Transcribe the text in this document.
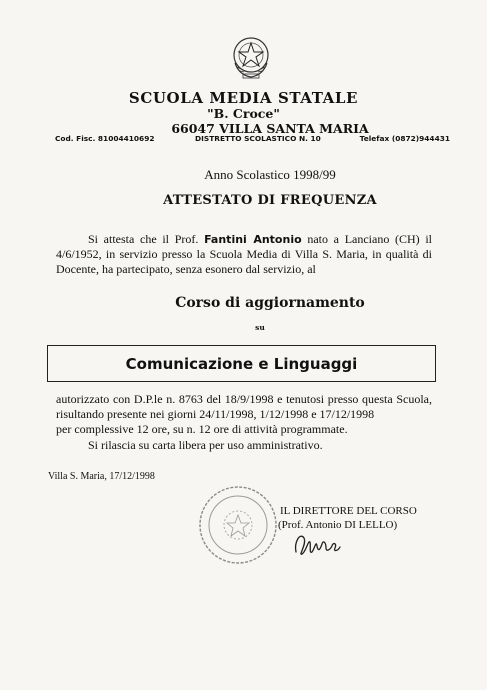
SCUOLA MEDIA STATALE
"B. Croce"
66047 VILLA SANTA MARIA
Cod. Fisc. 81004410692	DISTRETTO SCOLASTICO N. 10	Telefax (0872)944431
Anno Scolastico 1998/99
ATTESTATO DI FREQUENZA
Si attesta che il Prof. Fantini Antonio nato a Lanciano (CH) il 4/6/1952, in servizio presso la Scuola Media di Villa S. Maria, in qualità di Docente, ha partecipato, senza esonero dal servizio, al
Corso di aggiornamento
su
Comunicazione e Linguaggi
autorizzato con D.P.le n. 8763 del 18/9/1998 e tenutosi presso questa Scuola, risultando presente nei giorni 24/11/1998, 1/12/1998 e 17/12/1998
per complessive 12 ore, su n. 12 ore di attività programmate.
Si rilascia su carta libera per uso amministrativo.
Villa S. Maria, 17/12/1998
IL DIRETTORE DEL CORSO
(Prof. Antonio DI LELLO)
